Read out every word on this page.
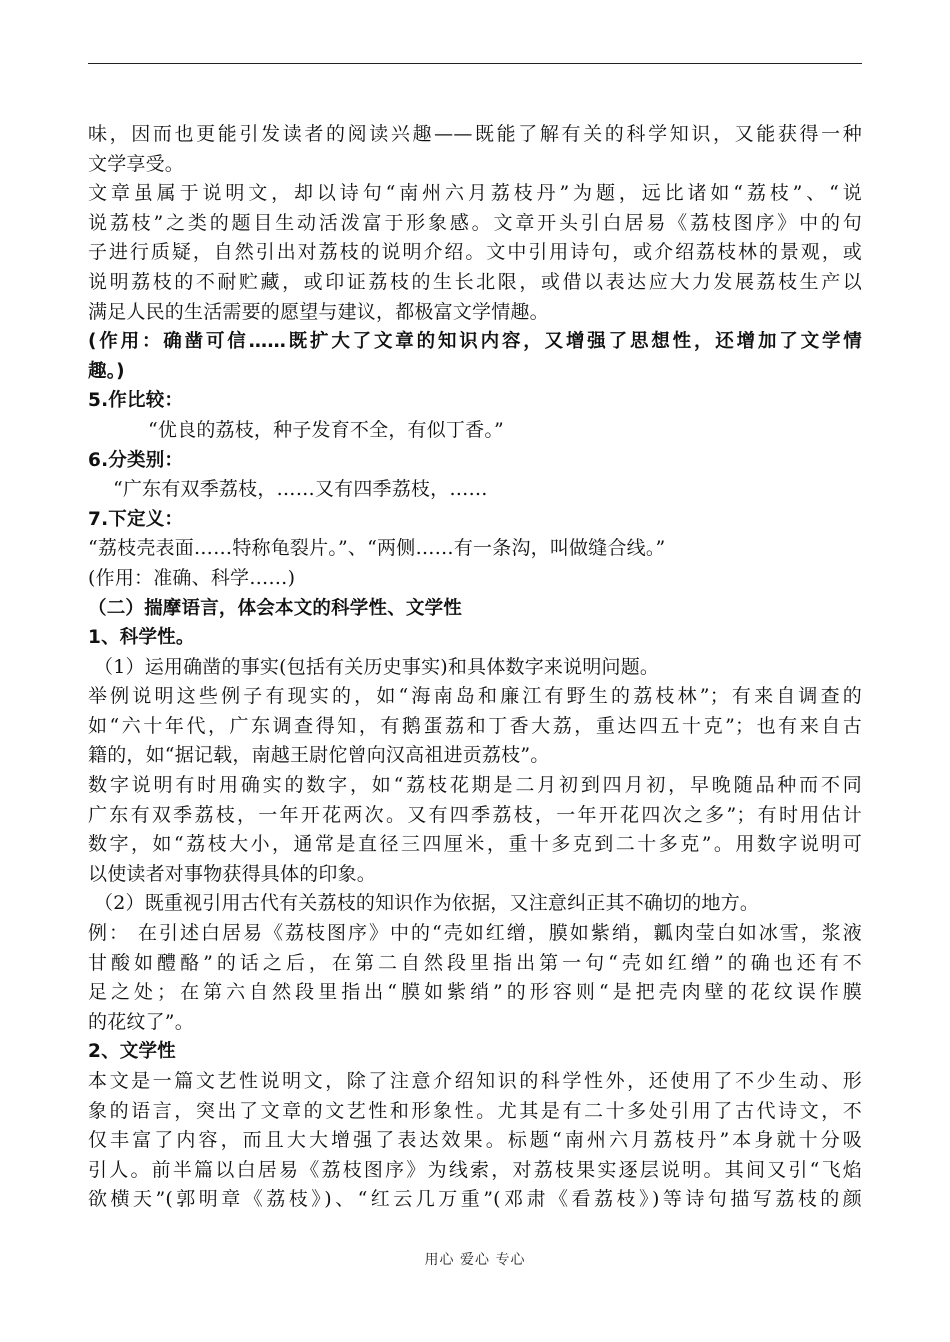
味，因而也更能引发读者的阅读兴趣——既能了解有关的科学知识，又能获得一种
文学享受。
文章虽属于说明文，却以诗句“南州六月荔枝丹”为题，远比诸如“荔枝”、“说
说荔枝”之类的题目生动活泼富于形象感。文章开头引白居易《荔枝图序》中的句
子进行质疑，自然引出对荔枝的说明介绍。文中引用诗句，或介绍荔枝林的景观，或
说明荔枝的不耐贮藏，或印证荔枝的生长北限，或借以表达应大力发展荔枝生产以
满足人民的生活需要的愿望与建议，都极富文学情趣。
(作用：确凿可信……既扩大了文章的知识内容，又增强了思想性，还增加了文学情
趣。)
5.作比较：
“优良的荔枝，种子发育不全，有似丁香。”
6.分类别：
“广东有双季荔枝，……又有四季荔枝，……
7.下定义：
“荔枝壳表面……特称龟裂片。”、“两侧……有一条沟，叫做缝合线。”
(作用：准确、科学……)
（二）揣摩语言，体会本文的科学性、文学性
1、科学性。
（1）运用确凿的事实(包括有关历史事实)和具体数字来说明问题。
举例说明这些例子有现实的，如“海南岛和廉江有野生的荔枝林”；有来自调查的
如“六十年代，广东调查得知，有鹅蛋荔和丁香大荔，重达四五十克”；也有来自古
籍的，如“据记载，南越王尉佗曾向汉高祖进贡荔枝”。
数字说明有时用确实的数字，如“荔枝花期是二月初到四月初，早晚随品种而不同
广东有双季荔枝，一年开花两次。又有四季荔枝，一年开花四次之多”；有时用估计
数字，如“荔枝大小，通常是直径三四厘米，重十多克到二十多克”。用数字说明可
以使读者对事物获得具体的印象。
（2）既重视引用古代有关荔枝的知识作为依据，又注意纠正其不确切的地方。
例： 在引述白居易《荔枝图序》中的“壳如红缯，膜如紫绡，瓤肉莹白如冰雪，浆液
甘酸如醴酪”的话之后，在第二自然段里指出第一句“壳如红缯”的确也还有不
足之处；在第六自然段里指出“膜如紫绡”的形容则“是把壳肉壁的花纹误作膜
的花纹了”。
2、文学性
本文是一篇文艺性说明文，除了注意介绍知识的科学性外，还使用了不少生动、形
象的语言，突出了文章的文艺性和形象性。尤其是有二十多处引用了古代诗文，不
仅丰富了内容，而且大大增强了表达效果。标题“南州六月荔枝丹”本身就十分吸
引人。前半篇以白居易《荔枝图序》为线索，对荔枝果实逐层说明。其间又引“飞焰
欲横天”(郭明章《荔枝》)、“红云几万重”(邓肃《看荔枝》)等诗句描写荔枝的颜
用心 爱心 专心
